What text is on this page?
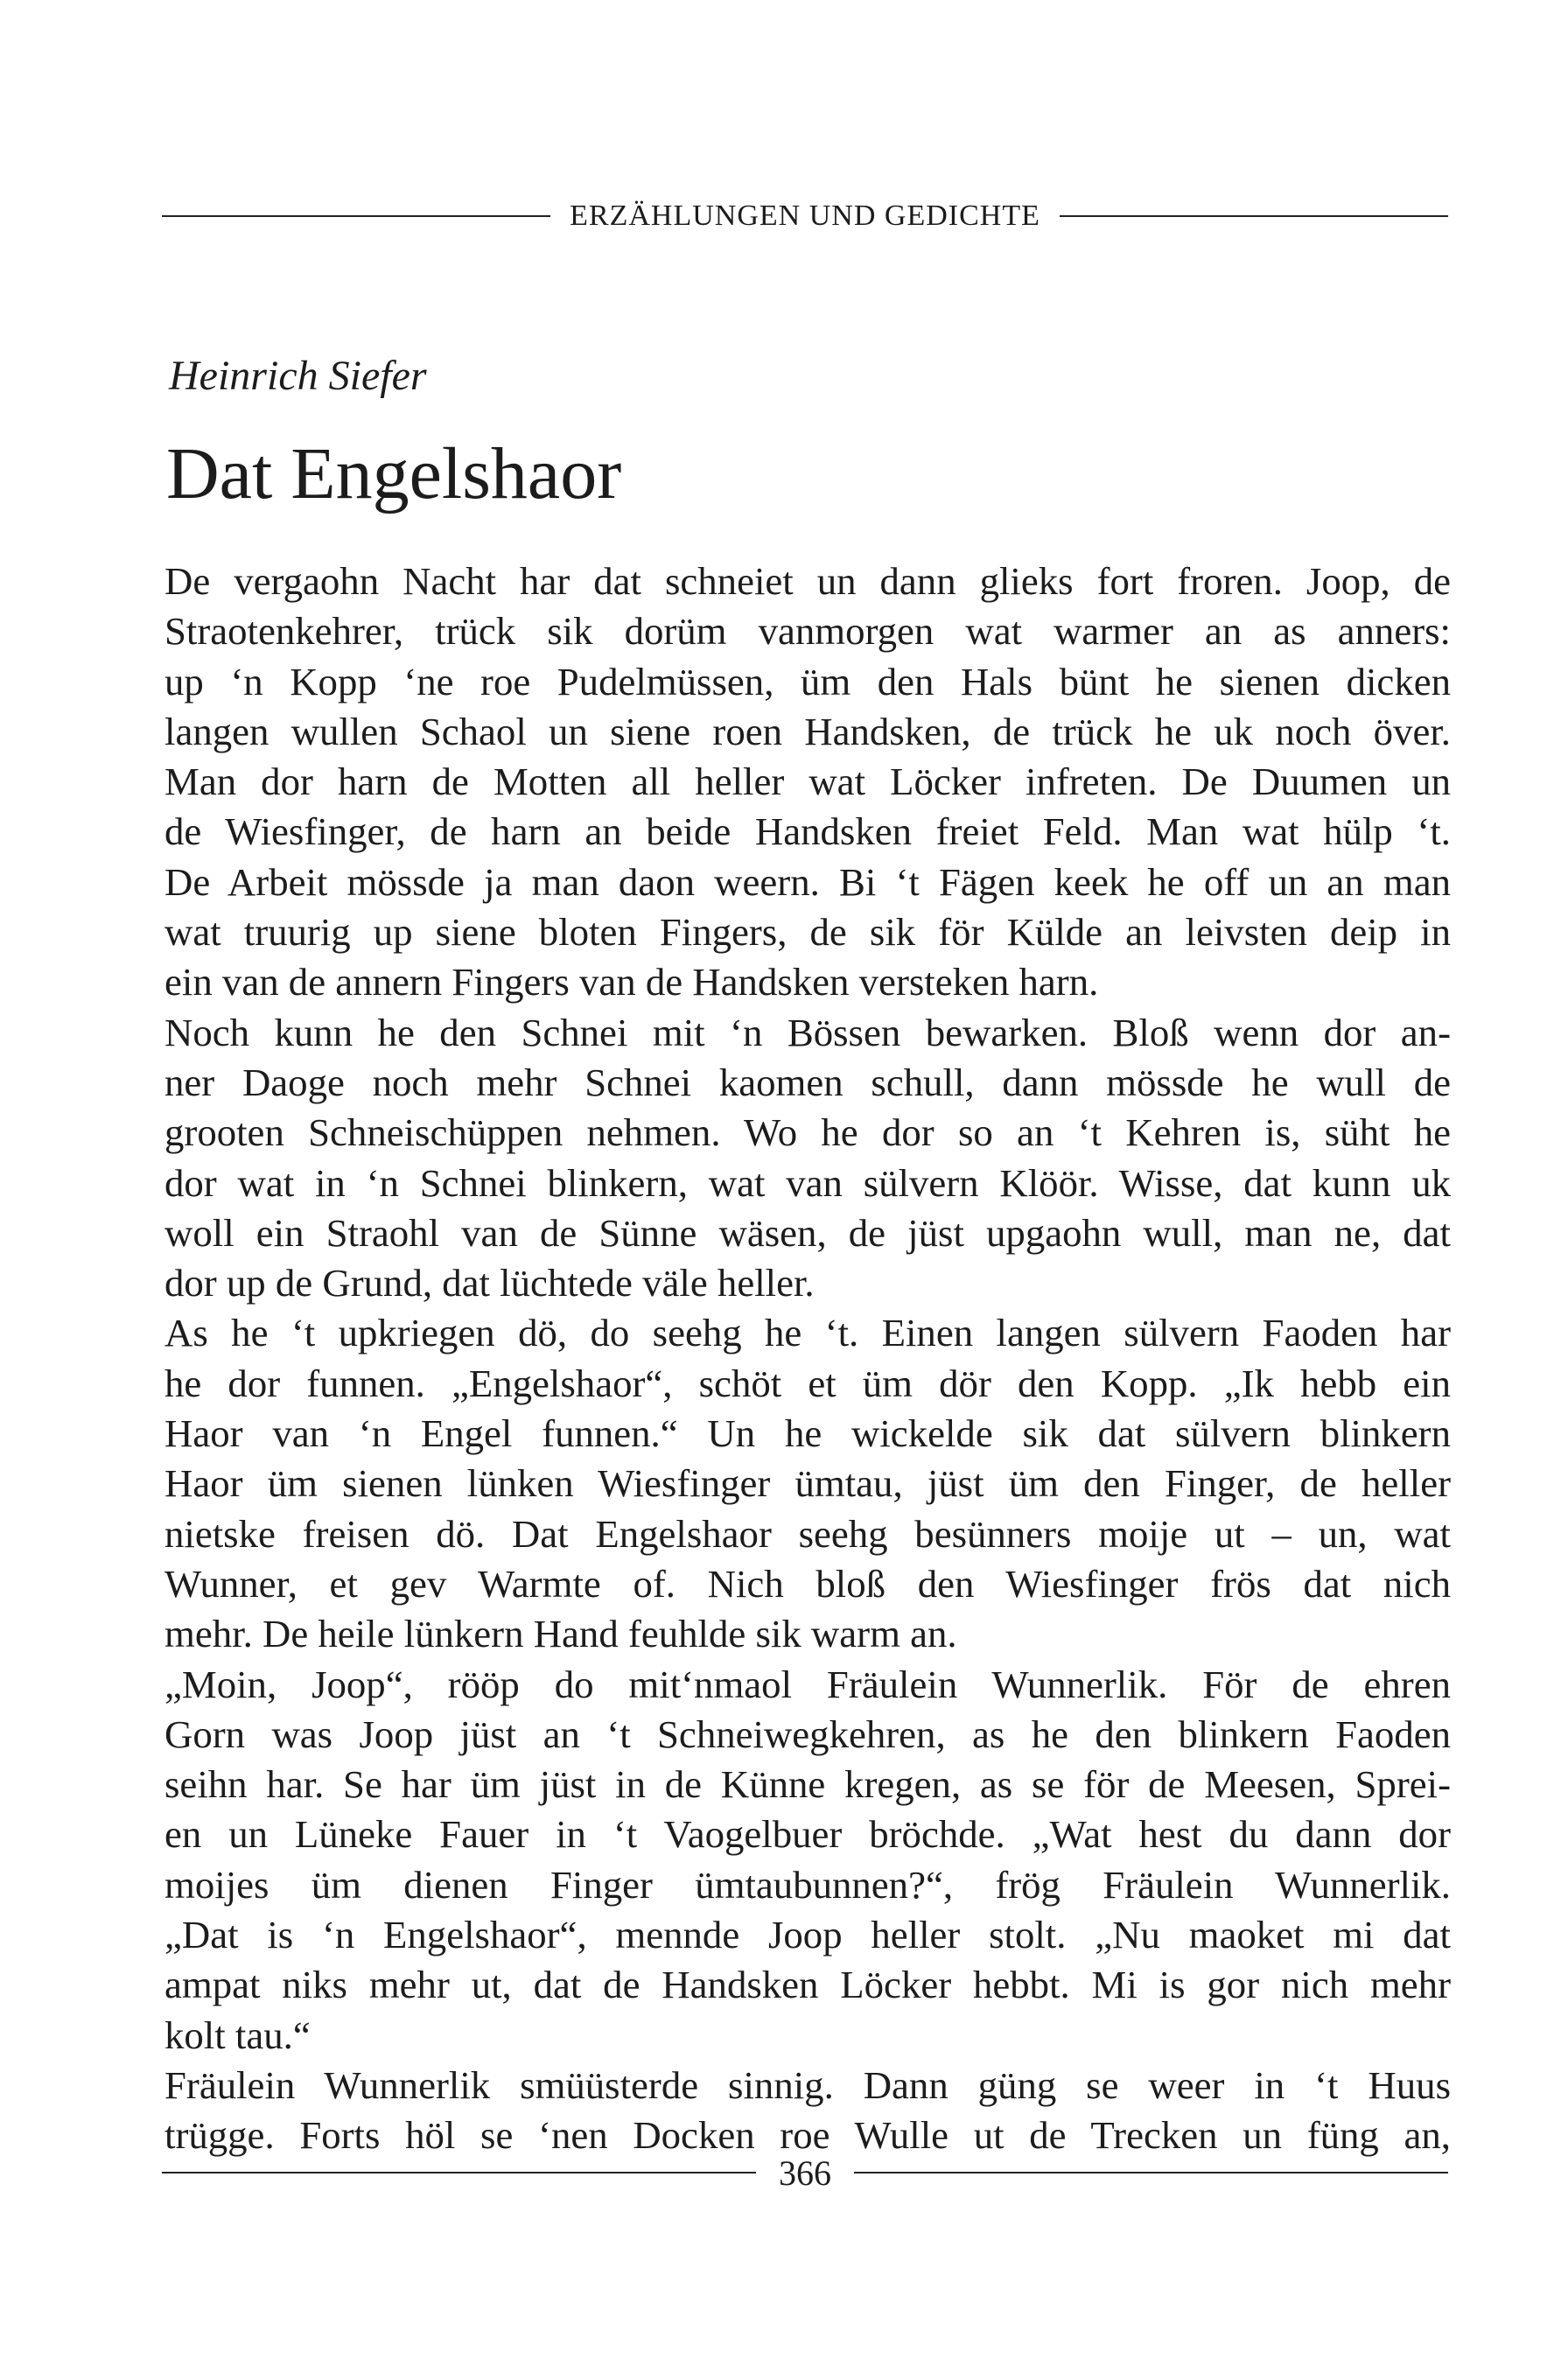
ERZÄHLUNGEN UND GEDICHTE
Heinrich Siefer
Dat Engelshaor
De vergaohn Nacht har dat schneiet un dann glieks fort froren. Joop, de
Straotenkehrer, trück sik dorüm vanmorgen wat warmer an as anners:
up ‘n Kopp ‘ne roe Pudelmüssen, üm den Hals bünt he sienen dicken
langen wullen Schaol un siene roen Handsken, de trück he uk noch över.
Man dor harn de Motten all heller wat Löcker infreten. De Duumen un
de Wiesfinger, de harn an beide Handsken freiet Feld. Man wat hülp ‘t.
De Arbeit mössde ja man daon weern. Bi ‘t Fägen keek he off un an man
wat truurig up siene bloten Fingers, de sik för Külde an leivsten deip in
ein van de annern Fingers van de Handsken versteken harn.
Noch kunn he den Schnei mit ‘n Bössen bewarken. Bloß wenn dor an-
ner Daoge noch mehr Schnei kaomen schull, dann mössde he wull de
grooten Schneischüppen nehmen. Wo he dor so an ‘t Kehren is, süht he
dor wat in ‘n Schnei blinkern, wat van sülvern Klöör. Wisse, dat kunn uk
woll ein Straohl van de Sünne wäsen, de jüst upgaohn wull, man ne, dat
dor up de Grund, dat lüchtede väle heller.
As he ‘t upkriegen dö, do seehg he ‘t. Einen langen sülvern Faoden har
he dor funnen. „Engelshaor“, schöt et üm dör den Kopp. „Ik hebb ein
Haor van ‘n Engel funnen.“ Un he wickelde sik dat sülvern blinkern
Haor üm sienen lünken Wiesfinger ümtau, jüst üm den Finger, de heller
nietske freisen dö. Dat Engelshaor seehg besünners moije ut – un, wat
Wunner, et gev Warmte of. Nich bloß den Wiesfinger frös dat nich
mehr. De heile lünkern Hand feuhlde sik warm an.
„Moin, Joop“, rööp do mit‘nmaol Fräulein Wunnerlik. För de ehren
Gorn was Joop jüst an ‘t Schneiwegkehren, as he den blinkern Faoden
seihn har. Se har üm jüst in de Künne kregen, as se för de Meesen, Sprei-
en un Lüneke Fauer in ‘t Vaogelbuer bröchde. „Wat hest du dann dor
moijes üm dienen Finger ümtaubunnen?“, frög Fräulein Wunnerlik.
„Dat is ‘n Engelshaor“, mennde Joop heller stolt. „Nu maoket mi dat
ampat niks mehr ut, dat de Handsken Löcker hebbt. Mi is gor nich mehr
kolt tau.“
Fräulein Wunnerlik smüüsterde sinnig. Dann güng se weer in ‘t Huus
trügge. Forts höl se ‘nen Docken roe Wulle ut de Trecken un füng an,
366
